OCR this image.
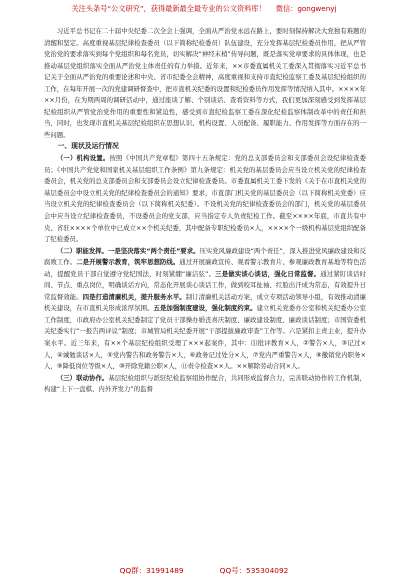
关注头条号“公文研究”，获得最新最全最专业的公文资料库！ 微信：gongwenyj

习近平总书记在二十届中央纪委二次全会上强调，全面从严治党永远在路上，要时刻保持解决大党独有难题的清醒和坚定。高度重视基层纪律检查委员（以下简称纪检委员）队伍建设，充分发挥基层纪检委员作用，把从严管党治党的要求落实到每个党组织和每名党员，切实解决“神经末梢”传导问题，既是落实党章要求的具体体现，也是推动基层党组织落实全面从严治党主体责任的有力举措。近年来，××市委直属机关工委深入贯彻落实习近平总书记关于全面从严治党的重要论述和中央、省市纪委全会精神，高度重视和支持市直纪检监察工委及基层纪检组织的工作，在每年开展一次的党建调研督查中，把市直机关纪委的设置和纪检委员作用发挥等情况纳入其中。××××年××月份，在为期两周的调研活动中，通过座谈了解、个别谈话、查看资料等方式，我们更加深刻感受到发挥基层纪检组织从严管党治党作用的重要性和紧迫性，感受到市直纪检监察工委在深化纪检监察体制改革中的责任和担当，同时，也发现市直机关基层纪检组织在思想认识、机构设置、人员配备、履职能力、作用发挥等方面存在的一些问题。

一、现状及运行情况

（一）机构设置。按照《中国共产党章程》第四十五条规定：党的总支部委员会和支部委员会设纪律检查委员；《中国共产党党和国家机关基层组织工作条例》第九条规定：机关党的基层委员会应当设立机关党的纪律检查委员会，机关党的总支部委员会和支部委员会设立纪律检查委员。市委直属机关工委下发的《关于在市直机关党的基层委员会中设立机关党的纪律检查委员会的通知》要求，市直部门机关党的基层委员会（以下简称机关党委）应当设立机关党的纪律检查委员会（以下简称机关纪委）。不设机关党的纪律检查委员会的部门，机关党的基层委员会中应当设立纪律检查委员，不设委员会的党支部，应当指定专人负责纪检工作。截至××××年底，市直共有中央、省驻××××个单位中已成立××个机关纪委，其中配备专职纪检委员×人，××××个一级机构基层党组织配备了纪检委员。

（二）职能发挥。一是坚决落实“两个责任”要求。压实党风廉政建设“两个责任”，深入推进党风廉政建设和反腐败工作。二是开展警示教育，筑牢思想防线。通过开展廉政宣传、观看警示教育片、参观廉政教育基地等特色活动，提醒党员干部自觉遵守党纪国法，时刻紧绷“廉洁弦”。三是做实谈心谈话，强化日常监督。通过紧盯谈话时间、节点、重点岗位，明确谈话方向，常态化开展谈心谈话工作，做到咬耳扯袖、红脸出汗成为常态，有效提升日常监督效能。四是打造清廉机关，提升服务水平。制订清廉机关活动方案，成立专项活动领导小组，有效推动清廉机关建设，在市直机关形成浓厚氛围。五是加强制度建设，强化制度约束。建立机关党委办公室和机关纪委办公室工作制度，市政府办公室机关纪委制定了党员干部操办婚丧喜庆制度、廉政建设制度、廉政谈话制度；市国资委机关纪委实行“一报告两评议”制度；市城管局机关纪委开展“干部提拔廉政审查”工作等。六是紧扣主责主业，提升办案水平。近三年来，有××个基层纪检组织受理了×××起案件，其中：⑴批评教育×人，②警告×人，③记过×人，④诫勉谈话×人，⑤党内警告和政务警告×人，⑥政务记过处分×人，⑦党内严重警告×人，⑧撤销党内职务×人，⑨降低岗位等级×人，⑩开除党籍公职×人，⑪责令检查××人。××解除劳动合同×人。

（三）联动协作。基层纪检组织与派驻纪检监察组协作配合，共同形成监督合力，完善联动协作的工作机制，构建“上下一盘棋、内外齐发力”的监督

QQ群：31991489	QQ号：535304092
